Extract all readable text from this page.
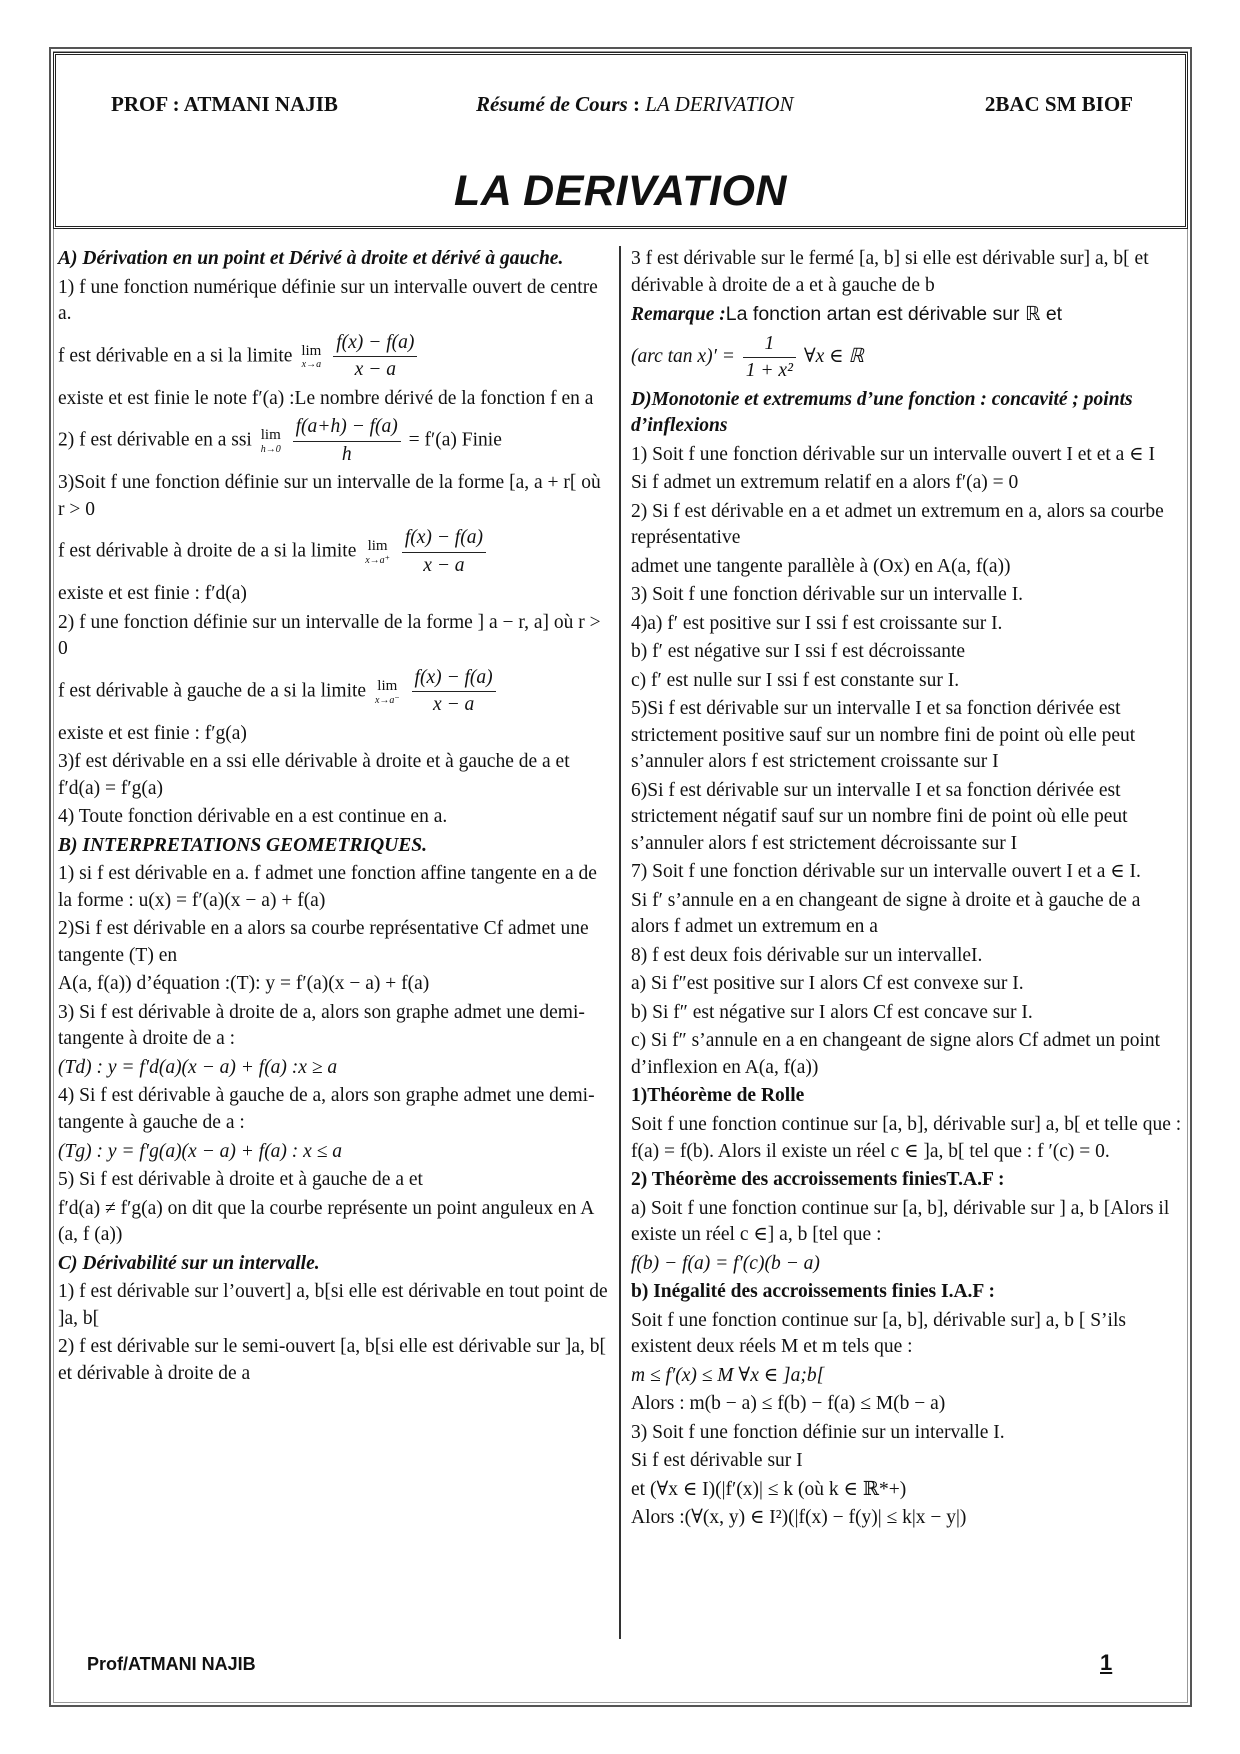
PROF : ATMANI NAJIB	Résumé de Cours : LA DERIVATION	2BAC SM BIOF
LA DERIVATION

A) Dérivation en un point et Dérivé à droite et dérivé à gauche.

1) f une fonction numérique définie sur un intervalle ouvert de centre a.

f est dérivable en a si la limite lim
x→a
$\frac{f(x) - f(a)}{x - a}$

existe et est finie le note f′(a) :Le nombre dérivé de la fonction f en a

2) f est dérivable en a ssi lim
h→0
$\frac{f(a+h) - f(a)}{h} = f'(a)$ Finie

3)Soit f une fonction définie sur un intervalle de la forme [a, a + r[ où r > 0

f est dérivable à droite de a si la limite lim
x→a⁺
$\frac{f(x) - f(a)}{x - a}$

existe et est finie : f′d(a)

2) f une fonction définie sur un intervalle de la forme ] a − r, a] où r > 0

f est dérivable à gauche de a si la limite lim
x→a⁻
$\frac{f(x) - f(a)}{x - a}$

existe et est finie : f′g(a)

3)f est dérivable en a ssi elle dérivable à droite et à gauche de a et f′d(a) = f′g(a)

4) Toute fonction dérivable en a est continue en a.

B) INTERPRETATIONS GEOMETRIQUES.

1) si f est dérivable en a. f admet une fonction affine tangente en a de la forme : u(x) = f′(a)(x − a) + f(a)

2)Si f est dérivable en a alors sa courbe représentative Cf admet une tangente (T) en

A(a, f(a)) d’équation :(T): y = f′(a)(x − a) + f(a)

3) Si f est dérivable à droite de a, alors son graphe admet une demi-tangente à droite de a :

(Td) : y = f′d(a)(x − a) + f(a) :x ≥ a

4) Si f est dérivable à gauche de a, alors son graphe admet une demi-tangente à gauche de a :

(Tg) : y = f′g(a)(x − a) + f(a) : x ≤ a

5) Si f est dérivable à droite et à gauche de a et

f′d(a) ≠ f′g(a) on dit que la courbe représente un point anguleux en A (a, f (a))

C) Dérivabilité sur un intervalle.

1) f est dérivable sur l’ouvert] a, b[si elle est dérivable en tout point de ]a, b[

2) f est dérivable sur le semi-ouvert [a, b[si elle est dérivable sur ]a, b[ et dérivable à droite de a

3 f est dérivable sur le fermé [a, b] si elle est dérivable sur] a, b[ et dérivable à droite de a et à gauche de b

Remarque :La fonction artan est dérivable sur ℝ et

(arc $\tan x)' = \frac{1}{\text{1 + x²}}$ ∀x ∈ ℝ

D)Monotonie et extremums d’une fonction : concavité ; points d’inflexions

1) Soit f une fonction dérivable sur un intervalle ouvert I et et a ∈ I

Si f admet un extremum relatif en a alors f′(a) = 0

2) Si f est dérivable en a et admet un extremum en a, alors sa courbe représentative

admet une tangente parallèle à (Ox) en A(a, f(a))

3) Soit f une fonction dérivable sur un intervalle I.

4)a) f′ est positive sur I ssi f est croissante sur I.

b) f′ est négative sur I ssi f est décroissante

c) f′ est nulle sur I ssi f est constante sur I.

5)Si f est dérivable sur un intervalle I et sa fonction dérivée est strictement positive sauf sur un nombre fini de point où elle peut s’annuler alors f est strictement croissante sur I

6)Si f est dérivable sur un intervalle I et sa fonction dérivée est strictement négatif sauf sur un nombre fini de point où elle peut s’annuler alors f est strictement décroissante sur I

7) Soit f une fonction dérivable sur un intervalle ouvert I et a ∈ I.

Si f′ s’annule en a en changeant de signe à droite et à gauche de a alors f admet un extremum en a

8) f est deux fois dérivable sur un intervalleI.

a) Si f″est positive sur I alors Cf est convexe sur I.

b) Si f″ est négative sur I alors Cf est concave sur I.

c) Si f″ s’annule en a en changeant de signe alors Cf admet un point d’inflexion en A(a, f(a))

1)Théorème de Rolle

Soit f une fonction continue sur [a, b], dérivable sur] a, b[ et telle que : f(a) = f(b). Alors il existe un réel c ∈ ]a, b[ tel que : f ′(c) = 0.

2) Théorème des accroissements finiesT.A.F :

a) Soit f une fonction continue sur [a, b], dérivable sur ] a, b [Alors il existe un réel c ∈] a, b [tel que :

f(b) − f(a) = f′(c)(b − a)

b) Inégalité des accroissements finies I.A.F :

Soit f une fonction continue sur [a, b], dérivable sur] a, b [ S’ils existent deux réels M et m tels que :

m ≤ f′(x) ≤ M ∀x ∈ ]a;b[

Alors : m(b − a) ≤ f(b) − f(a) ≤ M(b − a)

3) Soit f une fonction définie sur un intervalle I.

Si f est dérivable sur I

et (∀x ∈ I)(|f′(x)| ≤ k (où k ∈ ℝ*+)

Alors :(∀(x, y) ∈ I²)(|f(x) − f(y)| ≤ k|x − y|)

Prof/ATMANI NAJIB	1
